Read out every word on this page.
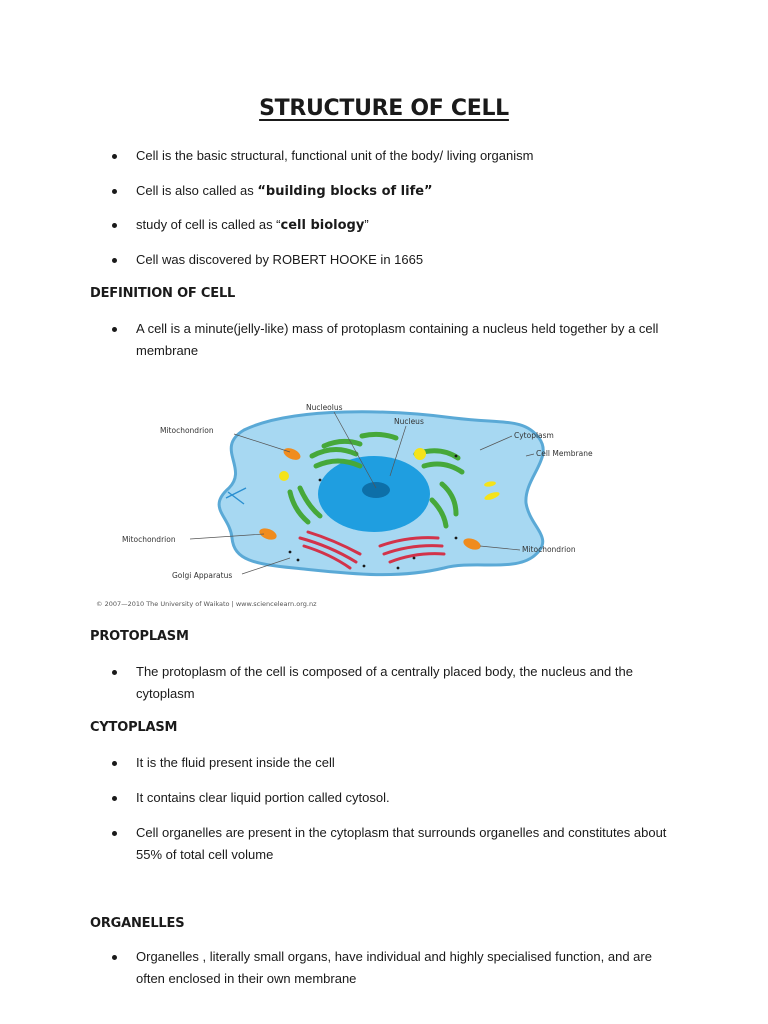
STRUCTURE OF CELL
Cell is the basic structural, functional unit of the body/ living organism
Cell is also called as “building blocks of life”
study of cell is called as “cell biology”
Cell was discovered by ROBERT HOOKE in 1665
DEFINITION OF CELL
A cell is a minute(jelly-like) mass of protoplasm containing a nucleus held together by a cell membrane
Nucleolus
Nucleus
Mitochondrion
Cytoplasm
Cell Membrane
Mitochondrion
Mitochondrion
Golgi Apparatus
© 2007—2010 The University of Waikato | www.sciencelearn.org.nz
PROTOPLASM
The protoplasm of the cell is composed of a centrally placed body, the nucleus and the cytoplasm
CYTOPLASM
It is the fluid present inside the cell
It contains clear liquid portion called cytosol.
Cell organelles are present in the cytoplasm that surrounds organelles and constitutes about 55% of total cell volume
ORGANELLES
Organelles , literally small organs, have individual and highly specialised function, and are often enclosed in their own membrane
